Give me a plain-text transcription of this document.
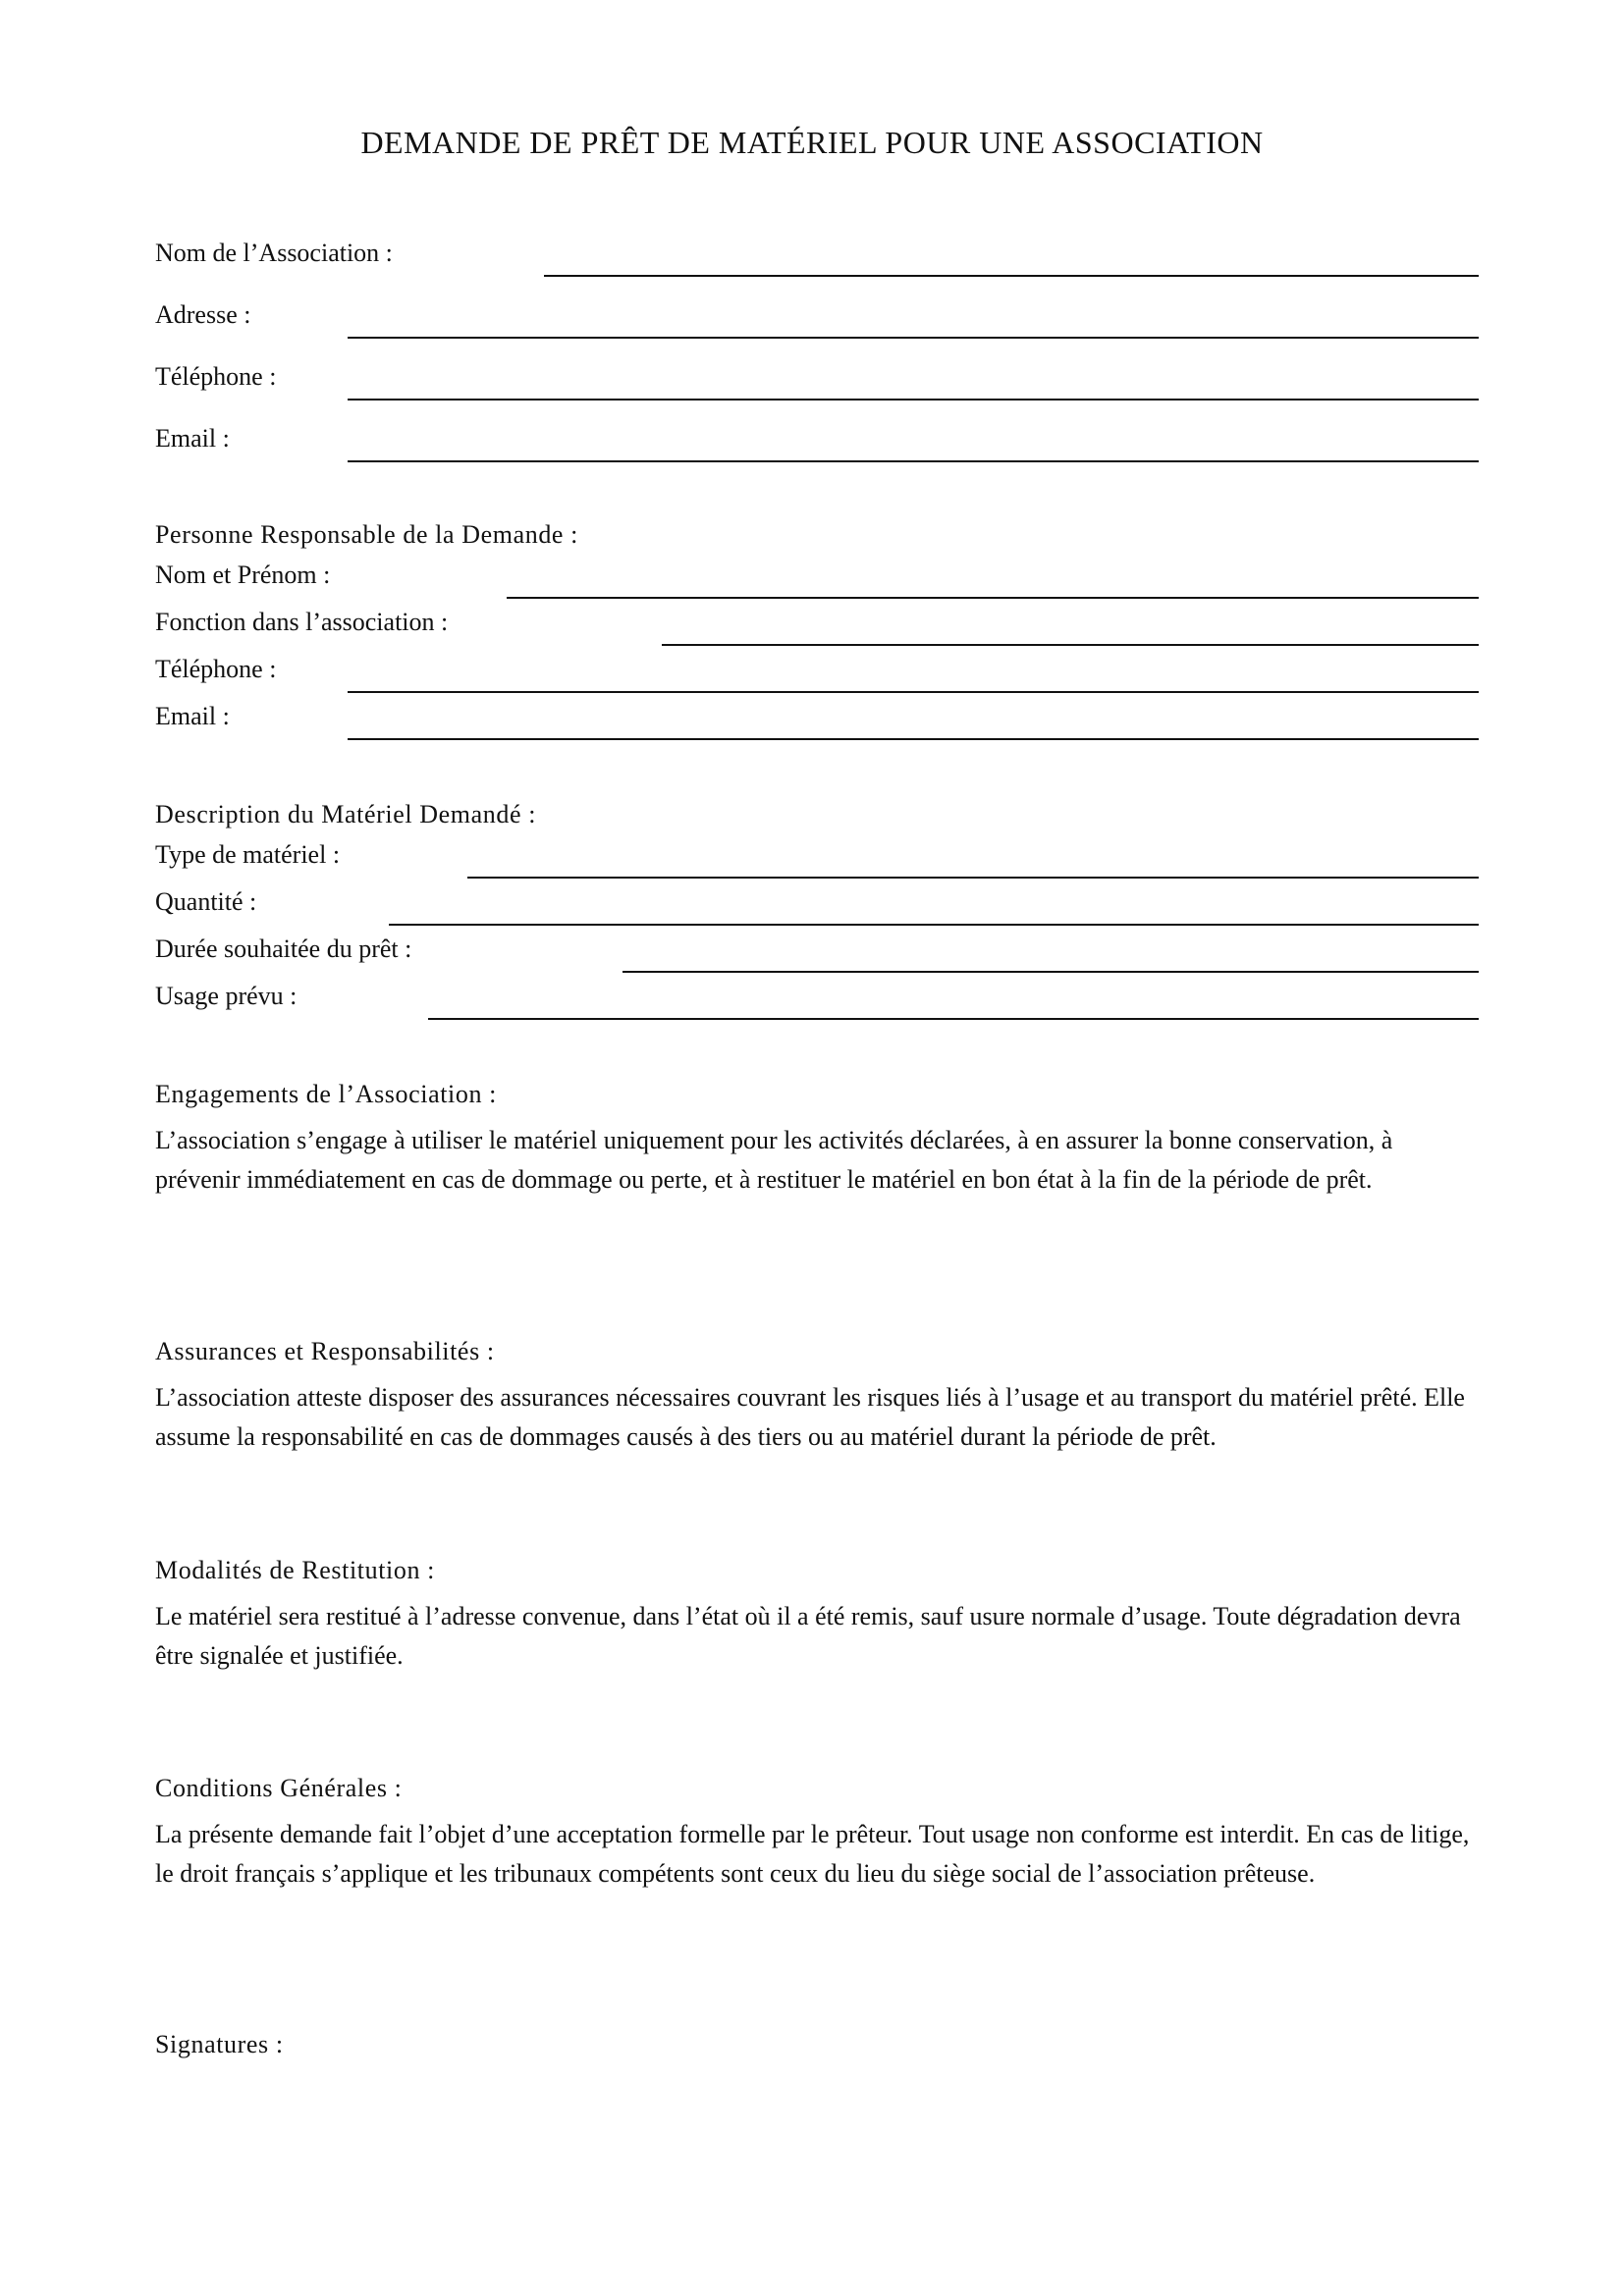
DEMANDE DE PRÊT DE MATÉRIEL POUR UNE ASSOCIATION
Nom de l’Association :
Adresse :
Téléphone :
Email :
Personne Responsable de la Demande :
Nom et Prénom :
Fonction dans l’association :
Téléphone :
Email :
Description du Matériel Demandé :
Type de matériel :
Quantité :
Durée souhaitée du prêt :
Usage prévu :
Engagements de l’Association :
L’association s’engage à utiliser le matériel uniquement pour les activités déclarées, à en assurer la bonne conservation, à prévenir immédiatement en cas de dommage ou perte, et à restituer le matériel en bon état à la fin de la période de prêt.
Assurances et Responsabilités :
L’association atteste disposer des assurances nécessaires couvrant les risques liés à l’usage et au transport du matériel prêté. Elle assume la responsabilité en cas de dommages causés à des tiers ou au matériel durant la période de prêt.
Modalités de Restitution :
Le matériel sera restitué à l’adresse convenue, dans l’état où il a été remis, sauf usure normale d’usage. Toute dégradation devra être signalée et justifiée.
Conditions Générales :
La présente demande fait l’objet d’une acceptation formelle par le prêteur. Tout usage non conforme est interdit. En cas de litige, le droit français s’applique et les tribunaux compétents sont ceux du lieu du siège social de l’association prêteuse.
Signatures :
